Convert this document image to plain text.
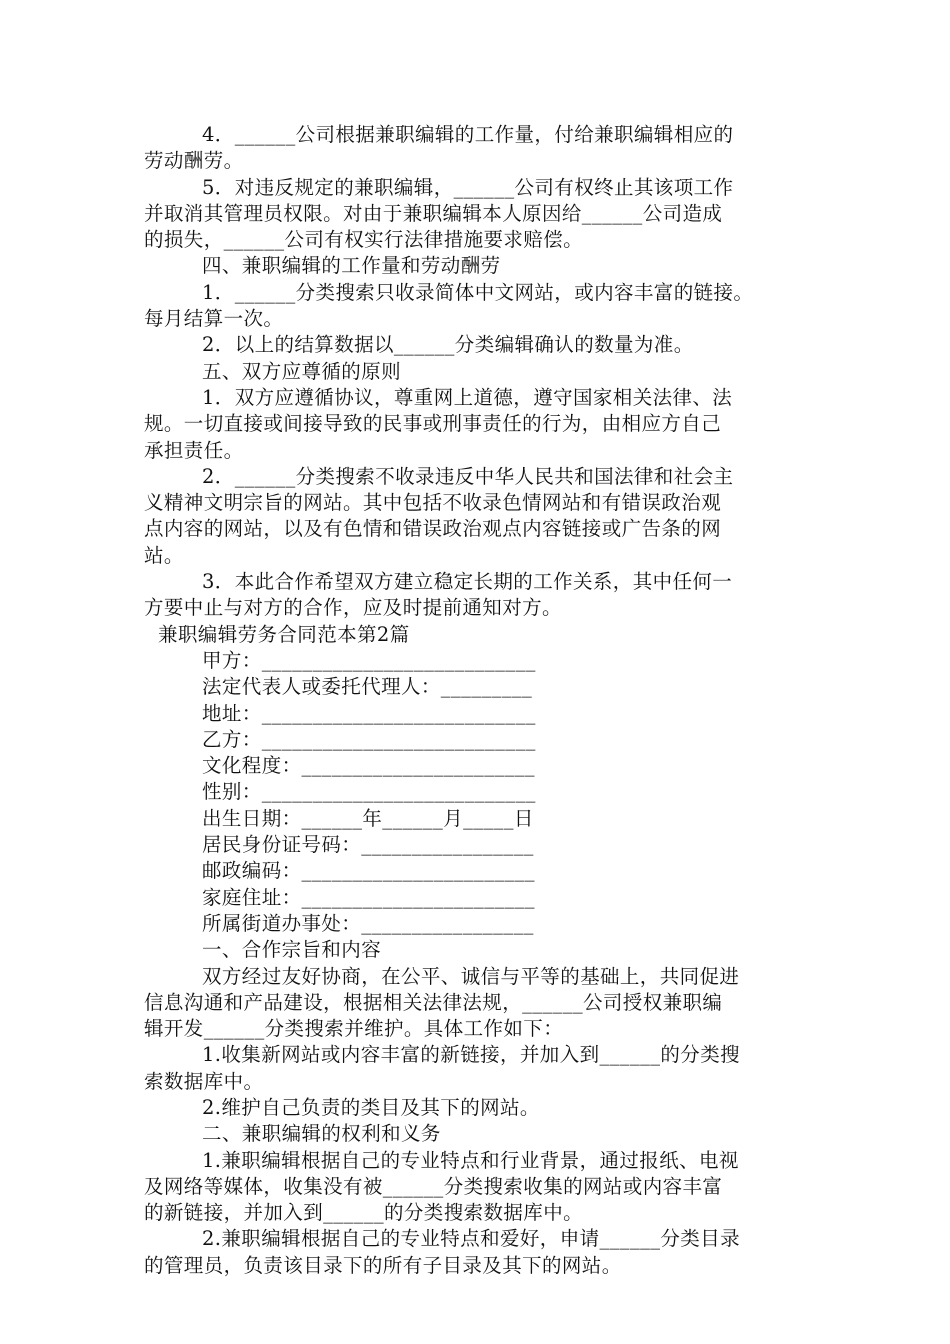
4．______公司根据兼职编辑的工作量，付给兼职编辑相应的
劳动酬劳。
5．对违反规定的兼职编辑，______公司有权终止其该项工作
并取消其管理员权限。对由于兼职编辑本人原因给______公司造成
的损失，______公司有权实行法律措施要求赔偿。
四、兼职编辑的工作量和劳动酬劳
1．______分类搜索只收录简体中文网站，或内容丰富的链接。
每月结算一次。
2．以上的结算数据以______分类编辑确认的数量为准。
五、双方应尊循的原则
1．双方应遵循协议，尊重网上道德，遵守国家相关法律、法
规。一切直接或间接导致的民事或刑事责任的行为，由相应方自己
承担责任。
2．______分类搜索不收录违反中华人民共和国法律和社会主
义精神文明宗旨的网站。其中包括不收录色情网站和有错误政治观
点内容的网站，以及有色情和错误政治观点内容链接或广告条的网
站。
3．本此合作希望双方建立稳定长期的工作关系，其中任何一
方要中止与对方的合作，应及时提前通知对方。
兼职编辑劳务合同范本第2篇
甲方：___________________________
法定代表人或委托代理人：_________
地址：___________________________
乙方：___________________________
文化程度：_______________________
性别：___________________________
出生日期：______年______月_____日
居民身份证号码：_________________
邮政编码：_______________________
家庭住址：_______________________
所属街道办事处：_________________
一、合作宗旨和内容
双方经过友好协商，在公平、诚信与平等的基础上，共同促进
信息沟通和产品建设，根据相关法律法规，______公司授权兼职编
辑开发______分类搜索并维护。具体工作如下：
1.收集新网站或内容丰富的新链接，并加入到______的分类搜
索数据库中。
2.维护自己负责的类目及其下的网站。
二、兼职编辑的权利和义务
1.兼职编辑根据自己的专业特点和行业背景，通过报纸、电视
及网络等媒体，收集没有被______分类搜索收集的网站或内容丰富
的新链接，并加入到______的分类搜索数据库中。
2.兼职编辑根据自己的专业特点和爱好，申请______分类目录
的管理员，负责该目录下的所有子目录及其下的网站。
